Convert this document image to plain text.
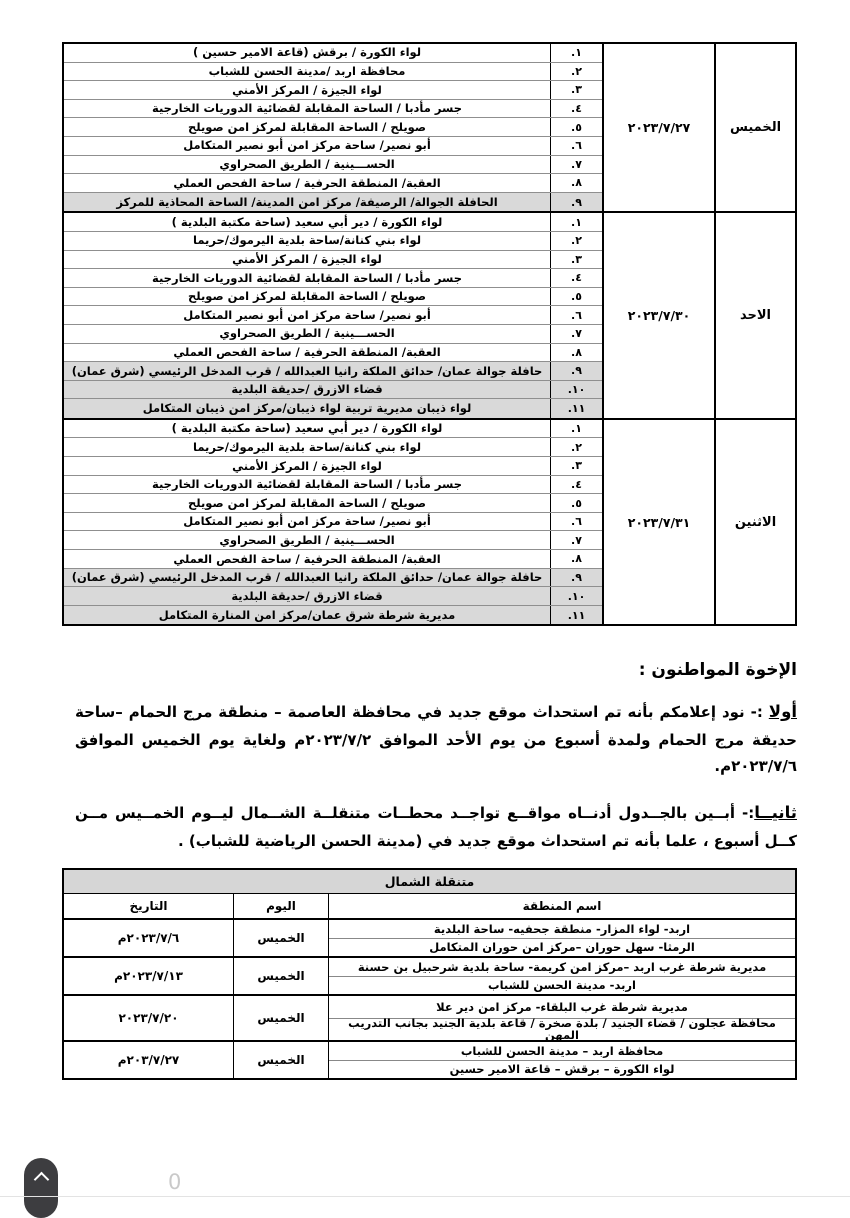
الخميس
٢٠٢٣/٧/٢٧
١.
لواء الكورة / برقش (قاعة الامير حسين )
٢.
محافظة اربد /مدينة الحسن للشباب
٣.
لواء الجيزة / المركز الأمني
٤.
جسر مأدبا / الساحة المقابلة لقضائية الدوريات الخارجية
٥.
صويلح / الساحة المقابلة لمركز امن صويلح
٦.
أبو نصير/ ساحة مركز امن أبو نصير المتكامل
٧.
الحســـينية / الطريق الصحراوي
٨.
العقبة/ المنطقة الحرفية / ساحة الفحص العملي
٩.
الحافلة الجوالة/ الرصيفة/ مركز امن المدينة/ الساحة المحاذية للمركز
الاحد
٢٠٢٣/٧/٣٠
١.
لواء الكورة / دير أبي سعيد (ساحة مكتبة البلدية )
٢.
لواء بني كنانة/ساحة بلدية اليرموك/حريما
٣.
لواء الجيزة / المركز الأمني
٤.
جسر مأدبا / الساحة المقابلة لقضائية الدوريات الخارجية
٥.
صويلح / الساحة المقابلة لمركز امن صويلح
٦.
أبو نصير/ ساحة مركز امن أبو نصير المتكامل
٧.
الحســـينية / الطريق الصحراوي
٨.
العقبة/ المنطقة الحرفية / ساحة الفحص العملي
٩.
حافلة جوالة عمان/ حدائق الملكة رانيا العبدالله / قرب المدخل الرئيسي (شرق عمان)
١٠.
قضاء الازرق /حديقة البلدية
١١.
لواء ذيبان مديرية تربية لواء ذيبان/مركز امن ذيبان المتكامل
الاثنين
٢٠٢٣/٧/٣١
١.
لواء الكورة / دير أبي سعيد (ساحة مكتبة البلدية )
٢.
لواء بني كنانة/ساحة بلدية اليرموك/حريما
٣.
لواء الجيزة / المركز الأمني
٤.
جسر مأدبا / الساحة المقابلة لقضائية الدوريات الخارجية
٥.
صويلح / الساحة المقابلة لمركز امن صويلح
٦.
أبو نصير/ ساحة مركز امن أبو نصير المتكامل
٧.
الحســـينية / الطريق الصحراوي
٨.
العقبة/ المنطقة الحرفية / ساحة الفحص العملي
٩.
حافلة جوالة عمان/ حدائق الملكة رانيا العبدالله / قرب المدخل الرئيسي (شرق عمان)
١٠.
قضاء الازرق /حديقة البلدية
١١.
مديرية شرطة شرق عمان/مركز امن المنارة المتكامل
الإخوة المواطنون :

أولا :- نود إعلامكم بأنه تم استحداث موقع جديد في محافظة العاصمة – منطقة مرج الحمام –ساحة حديقة مرج الحمام ولمدة أسبوع من يوم الأحد الموافق ٢٠٢٣/٧/٢م ولغاية يوم الخميس الموافق ٢٠٢٣/٧/٦م.

ثانيــا:- أبــين بالجــدول أدنــاه مواقــع تواجــد محطــات متنقلــة الشــمال ليــوم الخمــيس مــن كــل أسبوع ، علما بأنه تم استحداث موقع جديد في (مدينة الحسن الرياضية للشباب) .

متنقلة الشمال
اسم المنطقة
اليوم
التاريخ
اربد- لواء المزار- منطقة جحفيه- ساحة البلدية
الرمثا- سهل حوران –مركز امن حوران المتكامل
الخميس
٢٠٢٣/٧/٦م
مديرية شرطة غرب اربد –مركز امن كريمة- ساحة بلدية شرحبيل بن حسنة
اربد- مدينة الحسن للشباب
الخميس
٢٠٢٣/٧/١٣م
مديرية شرطة غرب البلقاء- مركز امن دير علا
محافظة عجلون / قضاء الجنيد / بلدة صخرة / قاعة بلدية الجنيد بجانب التدريب المهن
الخميس
٢٠٢٣/٧/٢٠
محافظة اربد – مدينة الحسن للشباب
لواء الكورة – برقش – قاعة الامير حسين
الخميس
٢٠٣/٧/٢٧م
0
